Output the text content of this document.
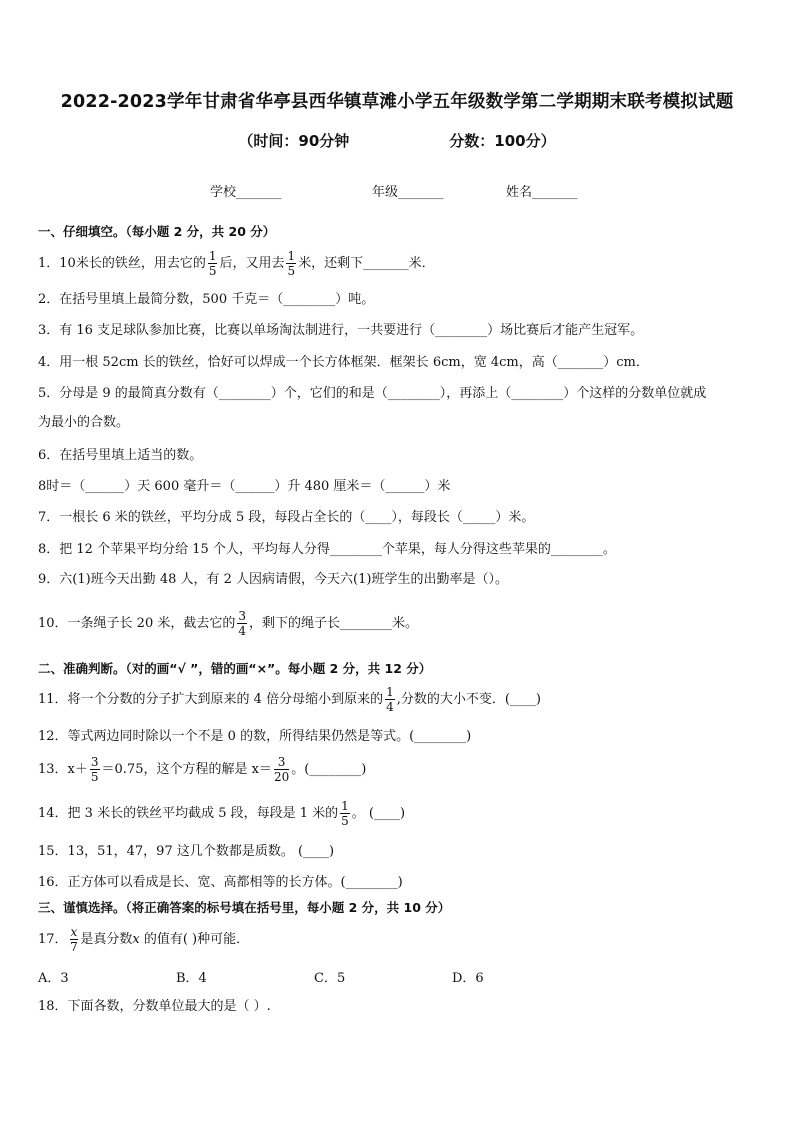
2022-2023学年甘肃省华亭县西华镇草滩小学五年级数学第二学期期末联考模拟试题
（时间：90分钟	分数：100分）
学校_______	年级_______	姓名_______
一、仔细填空。（每小题 2 分，共 20 分）
1．10米长的铁丝，用去它的 $\frac{1}{5}$ 后，又用去 $\frac{1}{5}$ 米，还剩下_______米．
2．在括号里填上最简分数，500 千克＝（________）吨。
3．有 16 支足球队参加比赛，比赛以单场淘汰制进行，一共要进行（________）场比赛后才能产生冠军。
4．用一根 52cm 长的铁丝，恰好可以焊成一个长方体框架．框架长 6cm，宽 4cm，高（_______）cm．
5．分母是 9 的最简真分数有（________）个，它们的和是（________），再添上（________）个这样的分数单位就成
为最小的合数。
6．在括号里填上适当的数。
8时＝（______）天 600 毫升＝（______）升 480 厘米＝（______）米
7．一根长 6 米的铁丝，平均分成 5 段，每段占全长的（____），每段长（_____）米。
8．把 12 个苹果平均分给 15 个人，平均每人分得________个苹果，每人分得这些苹果的________。
9．六(1)班今天出勤 48 人，有 2 人因病请假，今天六(1)班学生的出勤率是（）。
10．一条绳子长 20 米，截去它的 $\frac{3}{4}$ ，剩下的绳子长________米。
二、准确判断。（对的画“√ ”，错的画“×”。每小题 2 分，共 12 分）
11．将一个分数的分子扩大到原来的 4 倍分母缩小到原来的 $\frac{1}{4}$ ,分数的大小不变．(____)
12．等式两边同时除以一个不是 0 的数，所得结果仍然是等式。(________)
13．$x+ \frac{3}{5} =0.75$，这个方程的解是 $x= \frac{3}{20}$ 。(________)
14．把 3 米长的铁丝平均截成 5 段，每段是 1 米的 $\frac{1}{5}$ 。 (____)
15．13，51，47，97 这几个数都是质数。 (____)
16．正方体可以看成是长、宽、高都相等的长方体。(________)
三、谨慎选择。（将正确答案的标号填在括号里，每小题 2 分，共 10 分）
17． $\frac{x}{7}$ 是真分数x 的值有( )种可能．
A．3	B．4	C．5	D．6
18．下面各数，分数单位最大的是（ ）.
